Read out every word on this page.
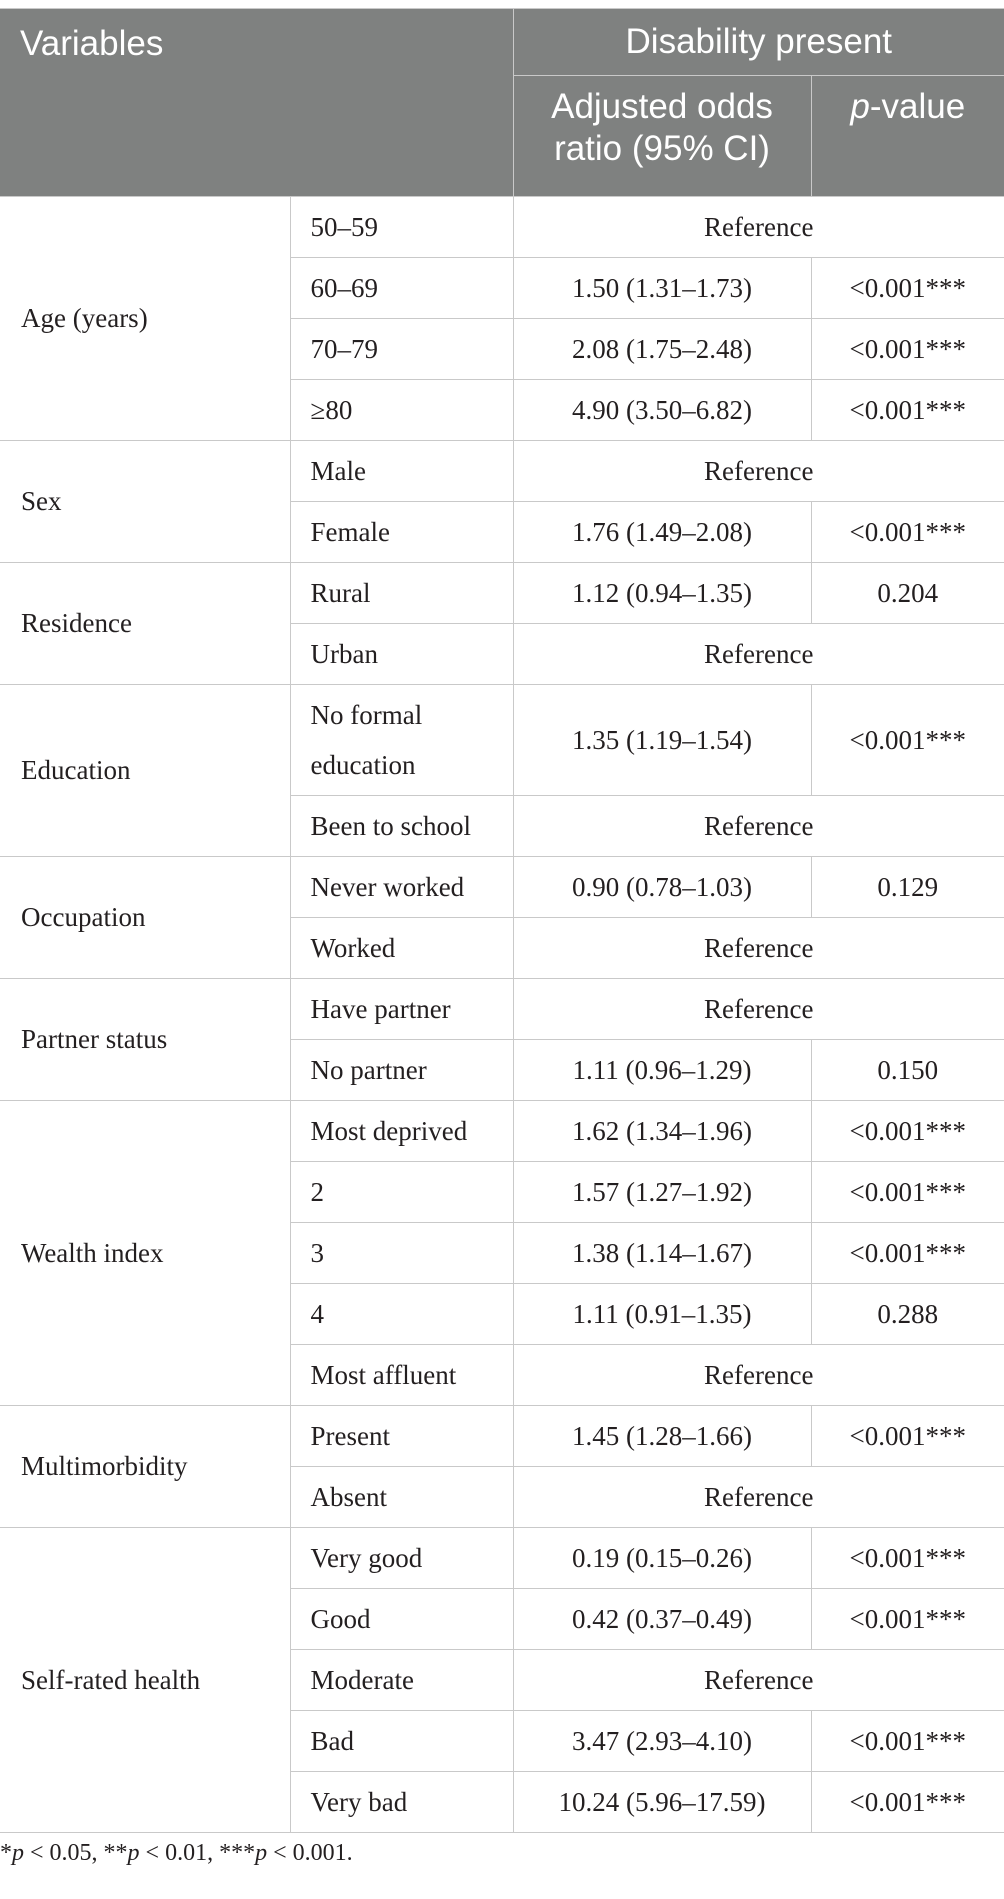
Variables		Disability present	
		Adjusted odds
ratio (95% CI)	p-value
Age (years)	50–59	Reference	
	60–69	1.50 (1.31–1.73)	<0.001***
	70–79	2.08 (1.75–2.48)	<0.001***
	≥80	4.90 (3.50–6.82)	<0.001***
Sex	Male	Reference	
	Female	1.76 (1.49–2.08)	<0.001***
Residence	Rural	1.12 (0.94–1.35)	0.204
	Urban	Reference	
Education	No formal education	1.35 (1.19–1.54)	<0.001***
	Been to school	Reference	
Occupation	Never worked	0.90 (0.78–1.03)	0.129
	Worked	Reference	
Partner status	Have partner	Reference	
	No partner	1.11 (0.96–1.29)	0.150
Wealth index	Most deprived	1.62 (1.34–1.96)	<0.001***
	2	1.57 (1.27–1.92)	<0.001***
	3	1.38 (1.14–1.67)	<0.001***
	4	1.11 (0.91–1.35)	0.288
	Most affluent	Reference	
Multimorbidity	Present	1.45 (1.28–1.66)	<0.001***
	Absent	Reference	
Self-rated health	Very good	0.19 (0.15–0.26)	<0.001***
	Good	0.42 (0.37–0.49)	<0.001***
	Moderate	Reference	
	Bad	3.47 (2.93–4.10)	<0.001***
	Very bad	10.24 (5.96–17.59)	<0.001***
*p < 0.05, **p < 0.01, ***p < 0.001.
